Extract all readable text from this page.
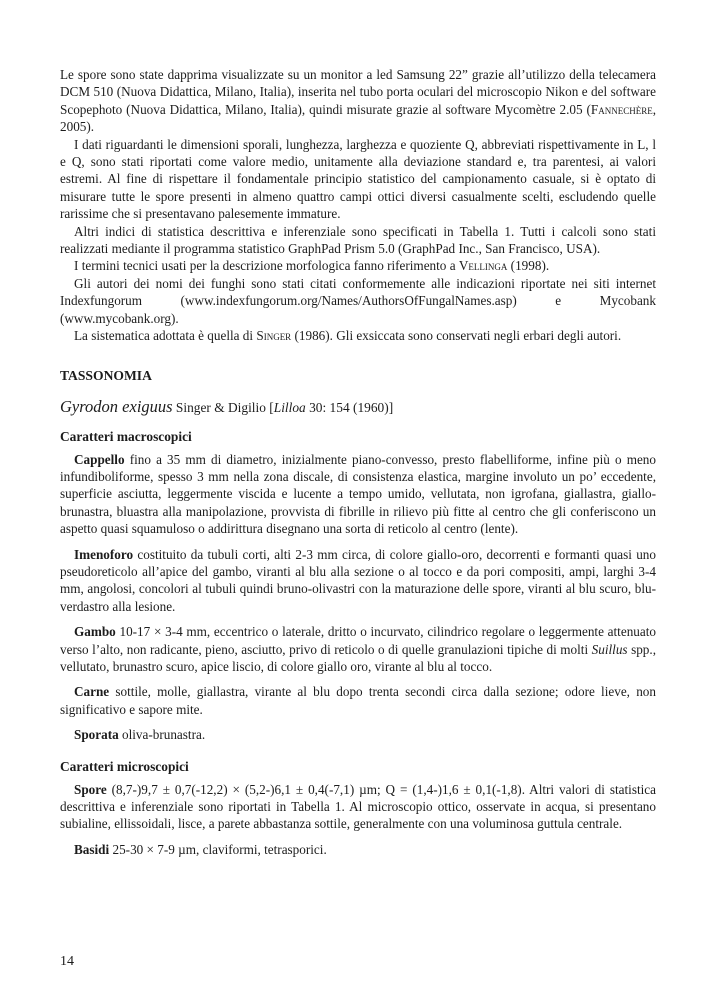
Le spore sono state dapprima visualizzate su un monitor a led Samsung 22” grazie all’utilizzo della telecamera DCM 510 (Nuova Didattica, Milano, Italia), inserita nel tubo porta oculari del microscopio Nikon e del software Scopephoto (Nuova Didattica, Milano, Italia), quindi misurate grazie al software Mycomètre 2.05 (Fannechère, 2005).

I dati riguardanti le dimensioni sporali, lunghezza, larghezza e quoziente Q, abbreviati rispettivamente in L, l e Q, sono stati riportati come valore medio, unitamente alla deviazione standard e, tra parentesi, ai valori estremi. Al fine di rispettare il fondamentale principio statistico del campionamento casuale, si è optato di misurare tutte le spore presenti in almeno quattro campi ottici diversi casualmente scelti, escludendo quelle rarissime che si presentavano palesemente immature.

Altri indici di statistica descrittiva e inferenziale sono specificati in Tabella 1. Tutti i calcoli sono stati realizzati mediante il programma statistico GraphPad Prism 5.0 (GraphPad Inc., San Francisco, USA).

I termini tecnici usati per la descrizione morfologica fanno riferimento a Vellinga (1998).

Gli autori dei nomi dei funghi sono stati citati conformemente alle indicazioni riportate nei siti internet Indexfungorum (www.indexfungorum.org/Names/AuthorsOfFungalNames.asp) e Mycobank (www.mycobank.org).

La sistematica adottata è quella di Singer (1986). Gli exsiccata sono conservati negli erbari degli autori.

TASSONOMIA
Gyrodon exiguus Singer & Digilio [Lilloa 30: 154 (1960)]
Caratteri macroscopici

Cappello fino a 35 mm di diametro, inizialmente piano-convesso, presto flabelliforme, infine più o meno infundiboliforme, spesso 3 mm nella zona discale, di consistenza elastica, margine involuto un po’ eccedente, superficie asciutta, leggermente viscida e lucente a tempo umido, vellutata, non igrofana, giallastra, giallo-brunastra, bluastra alla manipolazione, provvista di fibrille in rilievo più fitte al centro che gli conferiscono un aspetto quasi squamuloso o addirittura disegnano una sorta di reticolo al centro (lente).

Imenoforo costituito da tubuli corti, alti 2-3 mm circa, di colore giallo-oro, decorrenti e formanti quasi uno pseudoreticolo all’apice del gambo, viranti al blu alla sezione o al tocco e da pori compositi, ampi, larghi 3-4 mm, angolosi, concolori al tubuli quindi bruno-olivastri con la maturazione delle spore, viranti al blu scuro, blu-verdastro alla lesione.

Gambo 10-17 × 3-4 mm, eccentrico o laterale, dritto o incurvato, cilindrico regolare o leggermente attenuato verso l’alto, non radicante, pieno, asciutto, privo di reticolo o di quelle granulazioni tipiche di molti Suillus spp., vellutato, brunastro scuro, apice liscio, di colore giallo oro, virante al blu al tocco.

Carne sottile, molle, giallastra, virante al blu dopo trenta secondi circa dalla sezione; odore lieve, non significativo e sapore mite.

Sporata oliva-brunastra.

Caratteri microscopici

Spore (8,7-)9,7 ± 0,7(-12,2) × (5,2-)6,1 ± 0,4(-7,1) µm; Q = (1,4-)1,6 ± 0,1(-1,8). Altri valori di statistica descrittiva e inferenziale sono riportati in Tabella 1. Al microscopio ottico, osservate in acqua, si presentano subialine, ellissoidali, lisce, a parete abbastanza sottile, generalmente con una voluminosa guttula centrale.

Basidi 25-30 × 7-9 µm, claviformi, tetrasporici.

14
